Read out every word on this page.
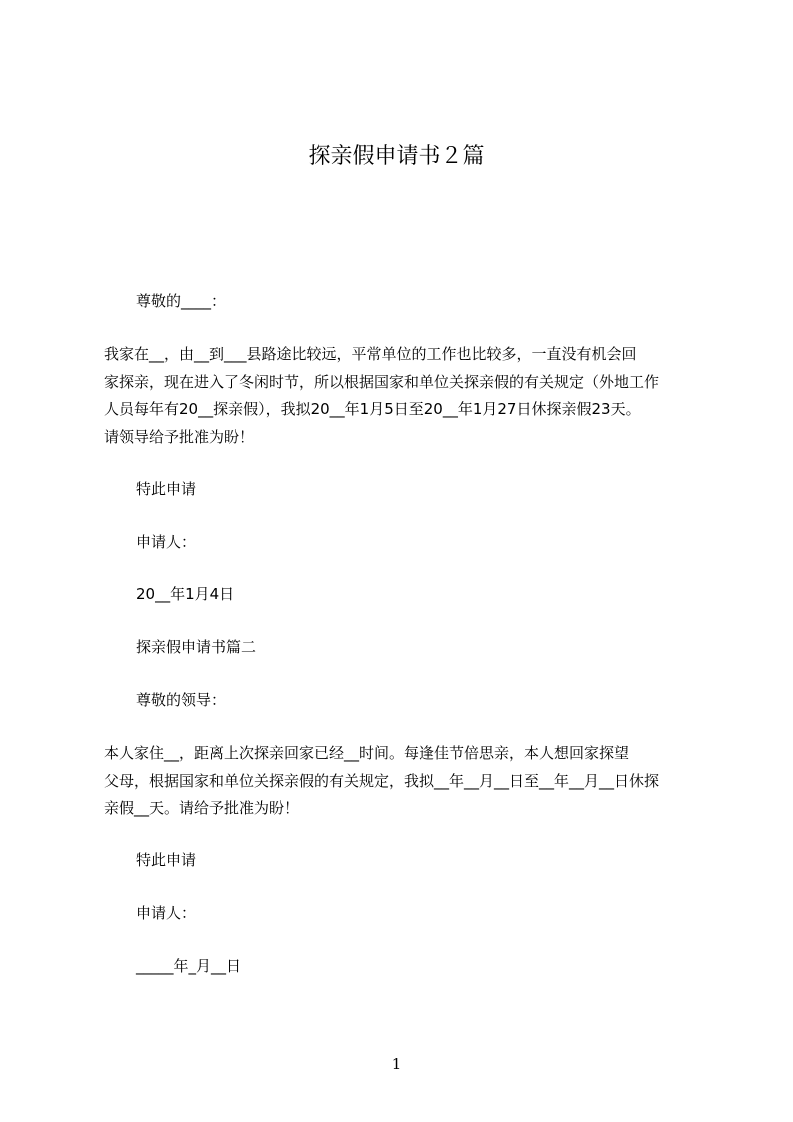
探亲假申请书２篇
尊敬的____：
我家在__，由__到___县路途比较远，平常单位的工作也比较多，一直没有机会回
家探亲，现在进入了冬闲时节，所以根据国家和单位关探亲假的有关规定（外地工作
人员每年有20__探亲假），我拟20__年1月5日至20__年1月27日休探亲假23天。
请领导给予批准为盼！
特此申请
申请人：
20__年1月4日
探亲假申请书篇二
尊敬的领导：
本人家住__，距离上次探亲回家已经__时间。每逢佳节倍思亲，本人想回家探望
父母，根据国家和单位关探亲假的有关规定，我拟__年__月__日至__年__月__日休探
亲假__天。请给予批准为盼！
特此申请
申请人：
_____年_月__日
1
